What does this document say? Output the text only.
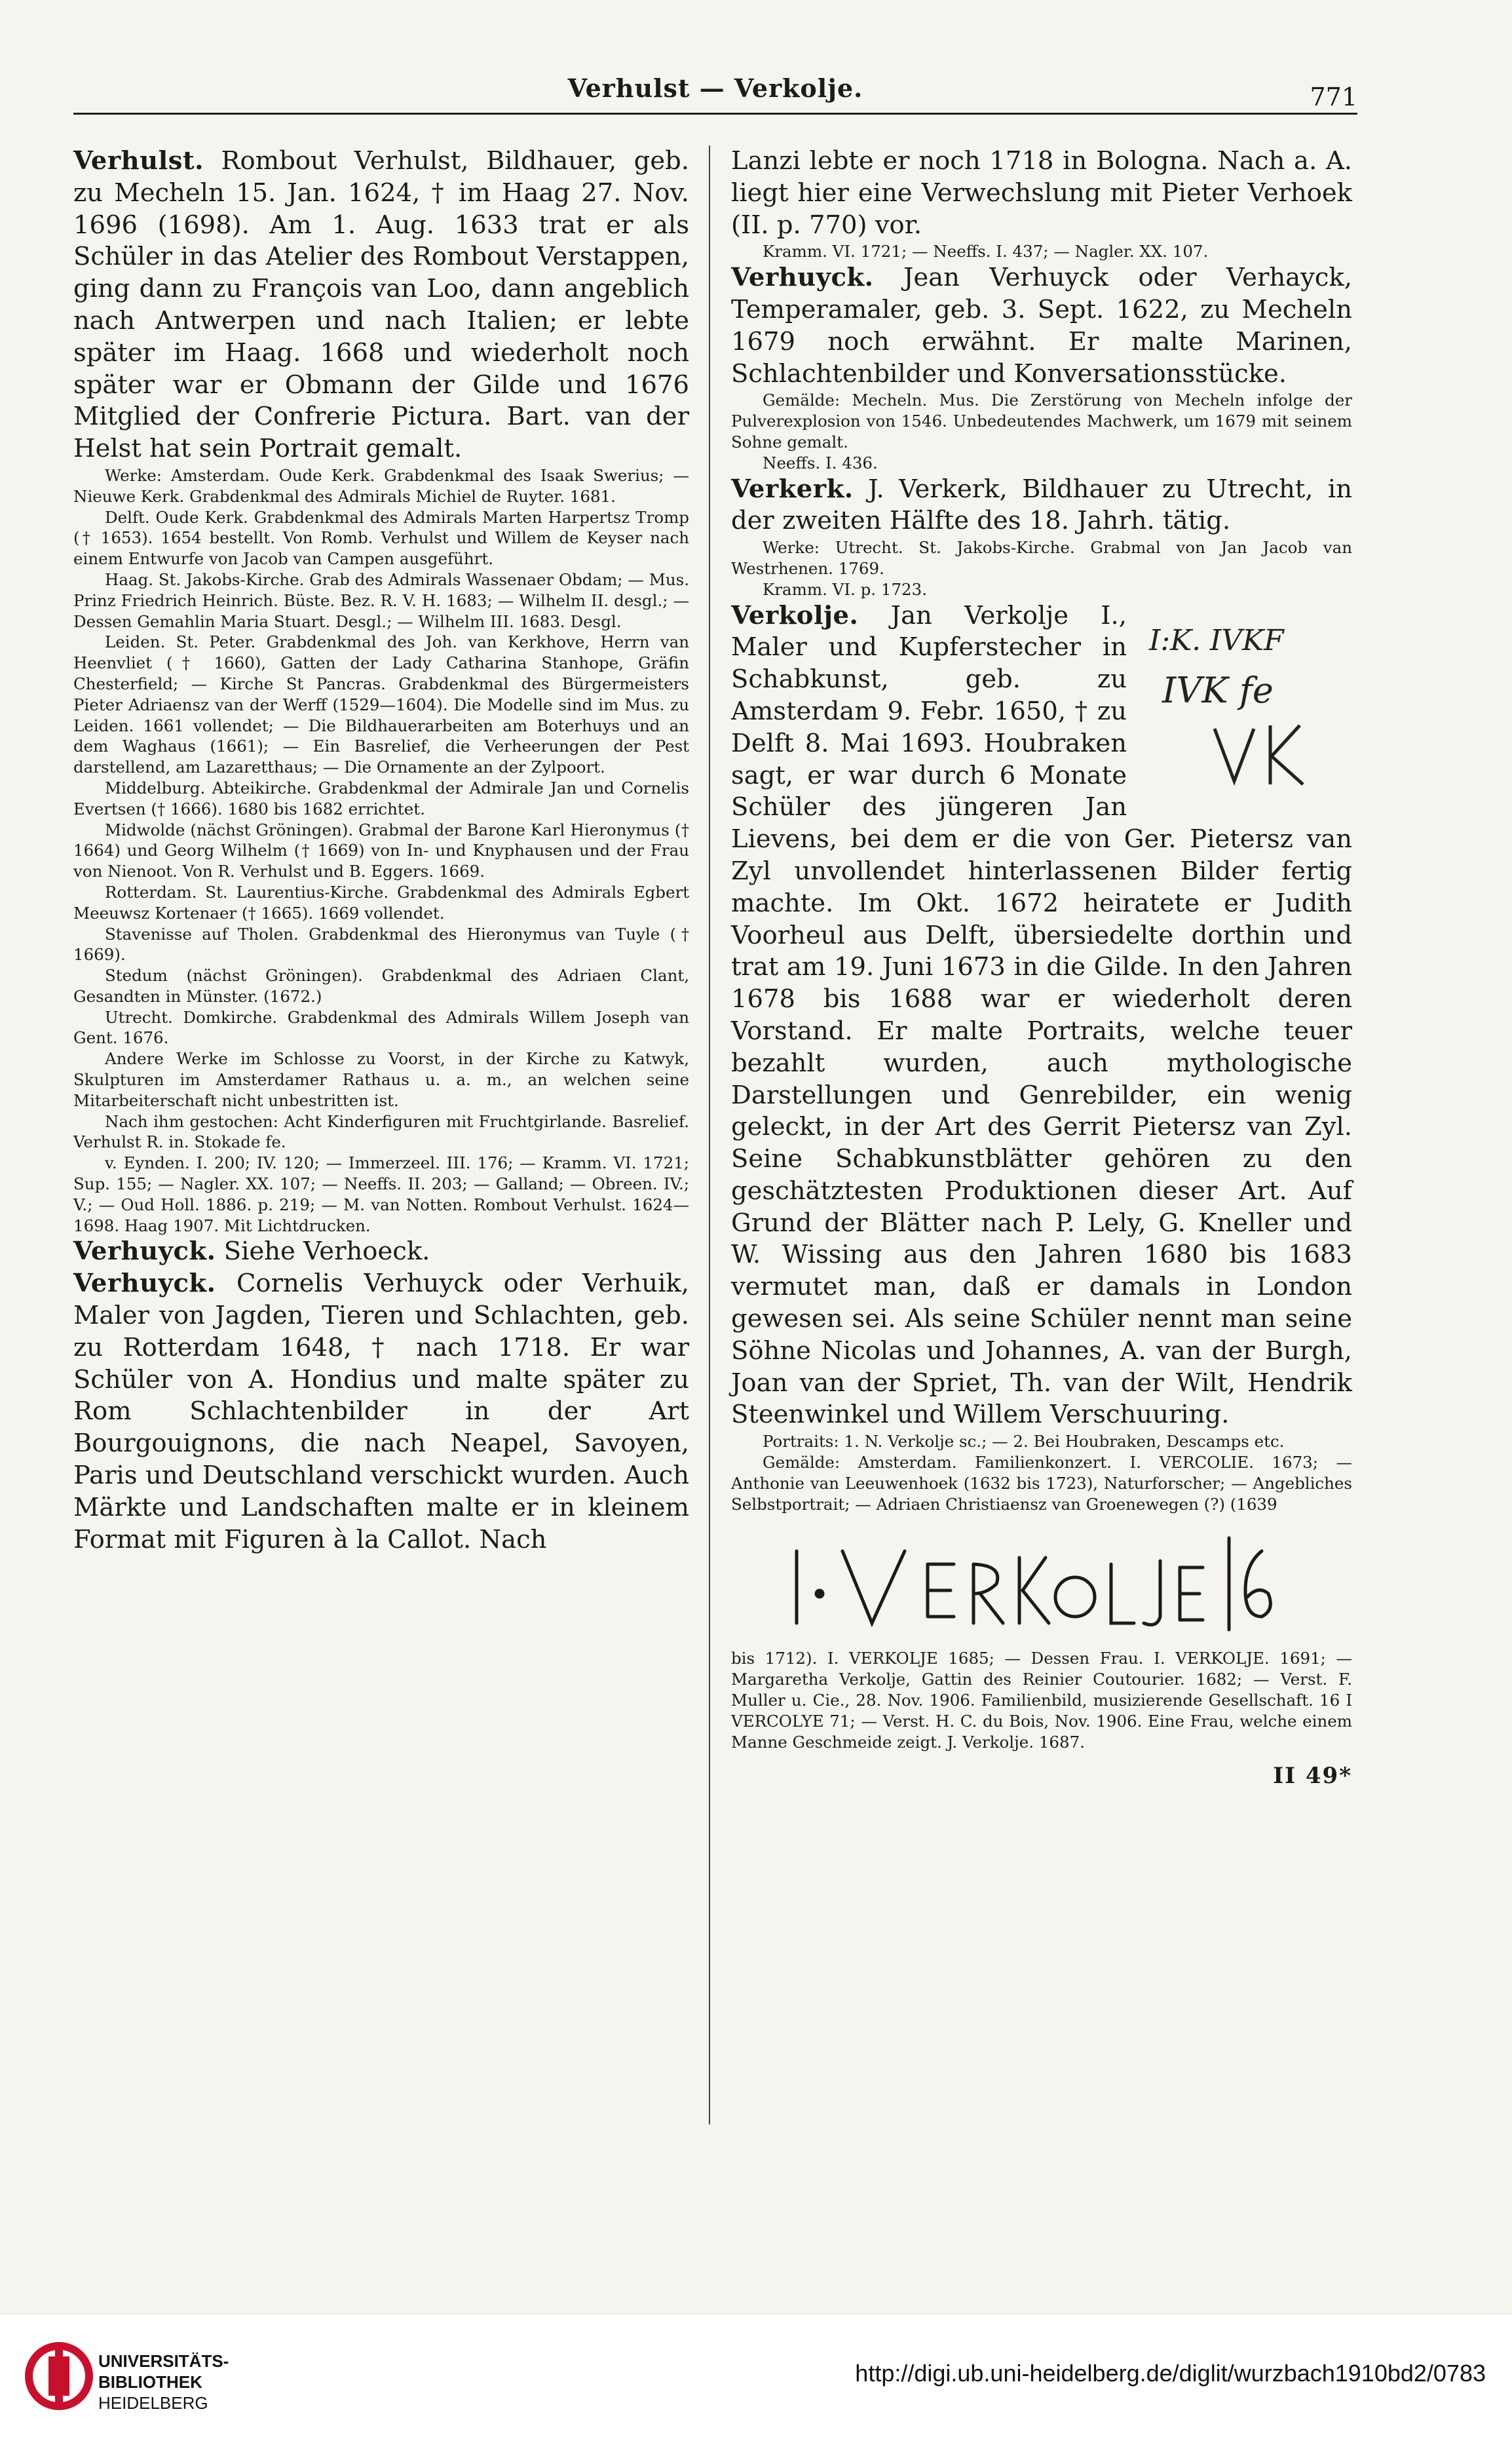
Verhulst — Verkolje.	771

Verhulst. Rombout Verhulst, Bildhauer, geb. zu Mecheln 15. Jan. 1624, † im Haag 27. Nov. 1696 (1698). Am 1. Aug. 1633 trat er als Schüler in das Atelier des Rombout Verstappen, ging dann zu François van Loo, dann angeblich nach Antwerpen und nach Italien; er lebte später im Haag. 1668 und wiederholt noch später war er Obmann der Gilde und 1676 Mitglied der Confrerie Pictura. Bart. van der Helst hat sein Portrait gemalt.

Werke: Amsterdam. Oude Kerk. Grabdenkmal des Isaak Swerius; — Nieuwe Kerk. Grabdenkmal des Admirals Michiel de Ruyter. 1681.

Delft. Oude Kerk. Grabdenkmal des Admirals Marten Harpertsz Tromp († 1653). 1654 bestellt. Von Romb. Verhulst und Willem de Keyser nach einem Entwurfe von Jacob van Campen ausgeführt.

Haag. St. Jakobs-Kirche. Grab des Admirals Wassenaer Obdam; — Mus. Prinz Friedrich Heinrich. Büste. Bez. R. V. H. 1683; — Wilhelm II. desgl.; — Dessen Gemahlin Maria Stuart. Desgl.; — Wilhelm III. 1683. Desgl.

Leiden. St. Peter. Grabdenkmal des Joh. van Kerkhove, Herrn van Heenvliet († 1660), Gatten der Lady Catharina Stanhope, Gräfin Chesterfield; — Kirche St Pancras. Grabdenkmal des Bürgermeisters Pieter Adriaensz van der Werff (1529—1604). Die Modelle sind im Mus. zu Leiden. 1661 vollendet; — Die Bildhauerarbeiten am Boterhuys und an dem Waghaus (1661); — Ein Basrelief, die Verheerungen der Pest darstellend, am Lazaretthaus; — Die Ornamente an der Zylpoort.

Middelburg. Abteikirche. Grabdenkmal der Admirale Jan und Cornelis Evertsen († 1666). 1680 bis 1682 errichtet.

Midwolde (nächst Gröningen). Grabmal der Barone Karl Hieronymus († 1664) und Georg Wilhelm († 1669) von In- und Knyphausen und der Frau von Nienoot. Von R. Verhulst und B. Eggers. 1669.

Rotterdam. St. Laurentius-Kirche. Grabdenkmal des Admirals Egbert Meeuwsz Kortenaer († 1665). 1669 vollendet.

Stavenisse auf Tholen. Grabdenkmal des Hieronymus van Tuyle († 1669).

Stedum (nächst Gröningen). Grabdenkmal des Adriaen Clant, Gesandten in Münster. (1672.)

Utrecht. Domkirche. Grabdenkmal des Admirals Willem Joseph van Gent. 1676.

Andere Werke im Schlosse zu Voorst, in der Kirche zu Katwyk, Skulpturen im Amsterdamer Rathaus u. a. m., an welchen seine Mitarbeiterschaft nicht unbestritten ist.

Nach ihm gestochen: Acht Kinderfiguren mit Fruchtgirlande. Basrelief. Verhulst R. in. Stokade fe.

v. Eynden. I. 200; IV. 120; — Immerzeel. III. 176; — Kramm. VI. 1721; Sup. 155; — Nagler. XX. 107; — Neeffs. II. 203; — Galland; — Obreen. IV.; V.; — Oud Holl. 1886. p. 219; — M. van Notten. Rombout Verhulst. 1624—1698. Haag 1907. Mit Lichtdrucken.

Verhuyck. Siehe Verhoeck.

Verhuyck. Cornelis Verhuyck oder Verhuik, Maler von Jagden, Tieren und Schlachten, geb. zu Rotterdam 1648, † nach 1718. Er war Schüler von A. Hondius und malte später zu Rom Schlachtenbilder in der Art Bourgouignons, die nach Neapel, Savoyen, Paris und Deutschland verschickt wurden. Auch Märkte und Landschaften malte er in kleinem Format mit Figuren à la Callot. Nach

Lanzi lebte er noch 1718 in Bologna. Nach a. A. liegt hier eine Verwechslung mit Pieter Verhoek (II. p. 770) vor.

Kramm. VI. 1721; — Neeffs. I. 437; — Nagler. XX. 107.

Verhuyck. Jean Verhuyck oder Verhayck, Temperamaler, geb. 3. Sept. 1622, zu Mecheln 1679 noch erwähnt. Er malte Marinen, Schlachtenbilder und Konversationsstücke.

Gemälde: Mecheln. Mus. Die Zerstörung von Mecheln infolge der Pulverexplosion von 1546. Unbedeutendes Machwerk, um 1679 mit seinem Sohne gemalt.

Neeffs. I. 436.

Verkerk. J. Verkerk, Bildhauer zu Utrecht, in der zweiten Hälfte des 18. Jahrh. tätig.

Werke: Utrecht. St. Jakobs-Kirche. Grabmal von Jan Jacob van Westrhenen. 1769.

Kramm. VI. p. 1723.

I:K. IVKF
IVK fe

Verkolje. Jan Verkolje I., Maler und Kupferstecher in Schabkunst, geb. zu Amsterdam 9. Febr. 1650, † zu Delft 8. Mai 1693. Houbraken sagt, er war durch 6 Monate Schüler des jüngeren Jan Lievens, bei dem er die von Ger. Pietersz van Zyl unvollendet hinterlassenen Bilder fertig machte. Im Okt. 1672 heiratete er Judith Voorheul aus Delft, übersiedelte dorthin und trat am 19. Juni 1673 in die Gilde. In den Jahren 1678 bis 1688 war er wiederholt deren Vorstand. Er malte Portraits, welche teuer bezahlt wurden, auch mythologische Darstellungen und Genrebilder, ein wenig geleckt, in der Art des Gerrit Pietersz van Zyl. Seine Schabkunstblätter gehören zu den geschätztesten Produktionen dieser Art. Auf Grund der Blätter nach P. Lely, G. Kneller und W. Wissing aus den Jahren 1680 bis 1683 vermutet man, daß er damals in London gewesen sei. Als seine Schüler nennt man seine Söhne Nicolas und Johannes, A. van der Burgh, Joan van der Spriet, Th. van der Wilt, Hendrik Steenwinkel und Willem Verschuuring.

Portraits: 1. N. Verkolje sc.; — 2. Bei Houbraken, Descamps etc.

Gemälde: Amsterdam. Familienkonzert. I. VERCOLIE. 1673; — Anthonie van Leeuwenhoek (1632 bis 1723), Naturforscher; — Angebliches Selbstportrait; — Adriaen Christiaensz van Groenewegen (?) (1639

bis 1712). I. VERKOLJE 1685; — Dessen Frau. I. VERKOLJE. 1691; — Margaretha Verkolje, Gattin des Reinier Coutourier. 1682; — Verst. F. Muller u. Cie., 28. Nov. 1906. Familienbild, musizierende Gesellschaft. 16 I VERCOLYE 71; — Verst. H. C. du Bois, Nov. 1906. Eine Frau, welche einem Manne Geschmeide zeigt. J. Verkolje. 1687.

II 49*
UNIVERSITÄTS-
BIBLIOTHEK
HEIDELBERG
http://digi.ub.uni-heidelberg.de/diglit/wurzbach1910bd2/0783
